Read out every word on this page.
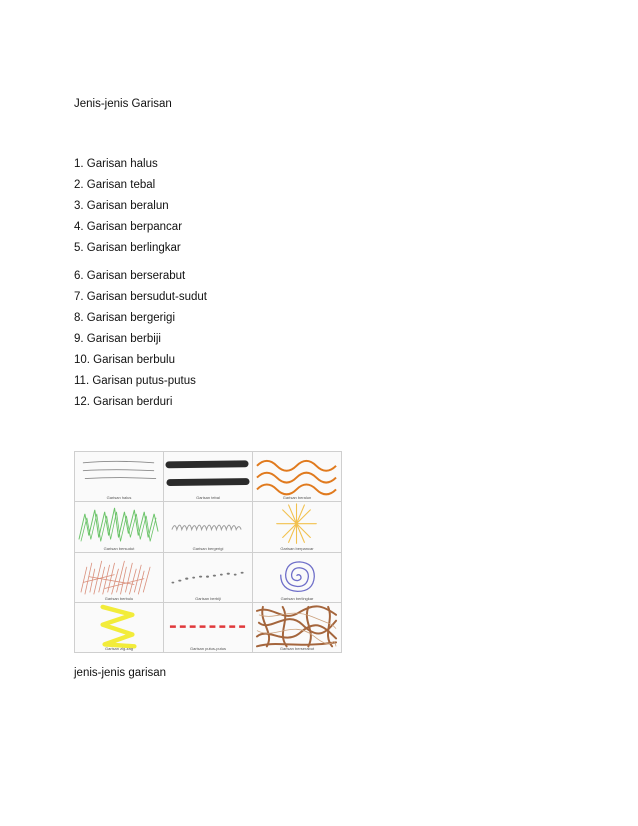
Jenis-jenis Garisan
1. Garisan halus
2. Garisan tebal
3. Garisan beralun
4. Garisan berpancar
5. Garisan berlingkar
6. Garisan berserabut
7. Garisan bersudut-sudut
8. Garisan bergerigi
9. Garisan berbiji
10. Garisan berbulu
11. Garisan putus-putus
12. Garisan berduri
Garisan halus	Garisan tebal	Garisan beralun
Garisan bersudut	Garisan bergerigi	Garisan berpancar
Garisan berbulu	Garisan berbiji	Garisan berlingkar
Garisan zig-zag	Garisan putus-putus	Garisan berserabut
jenis-jenis garisan
